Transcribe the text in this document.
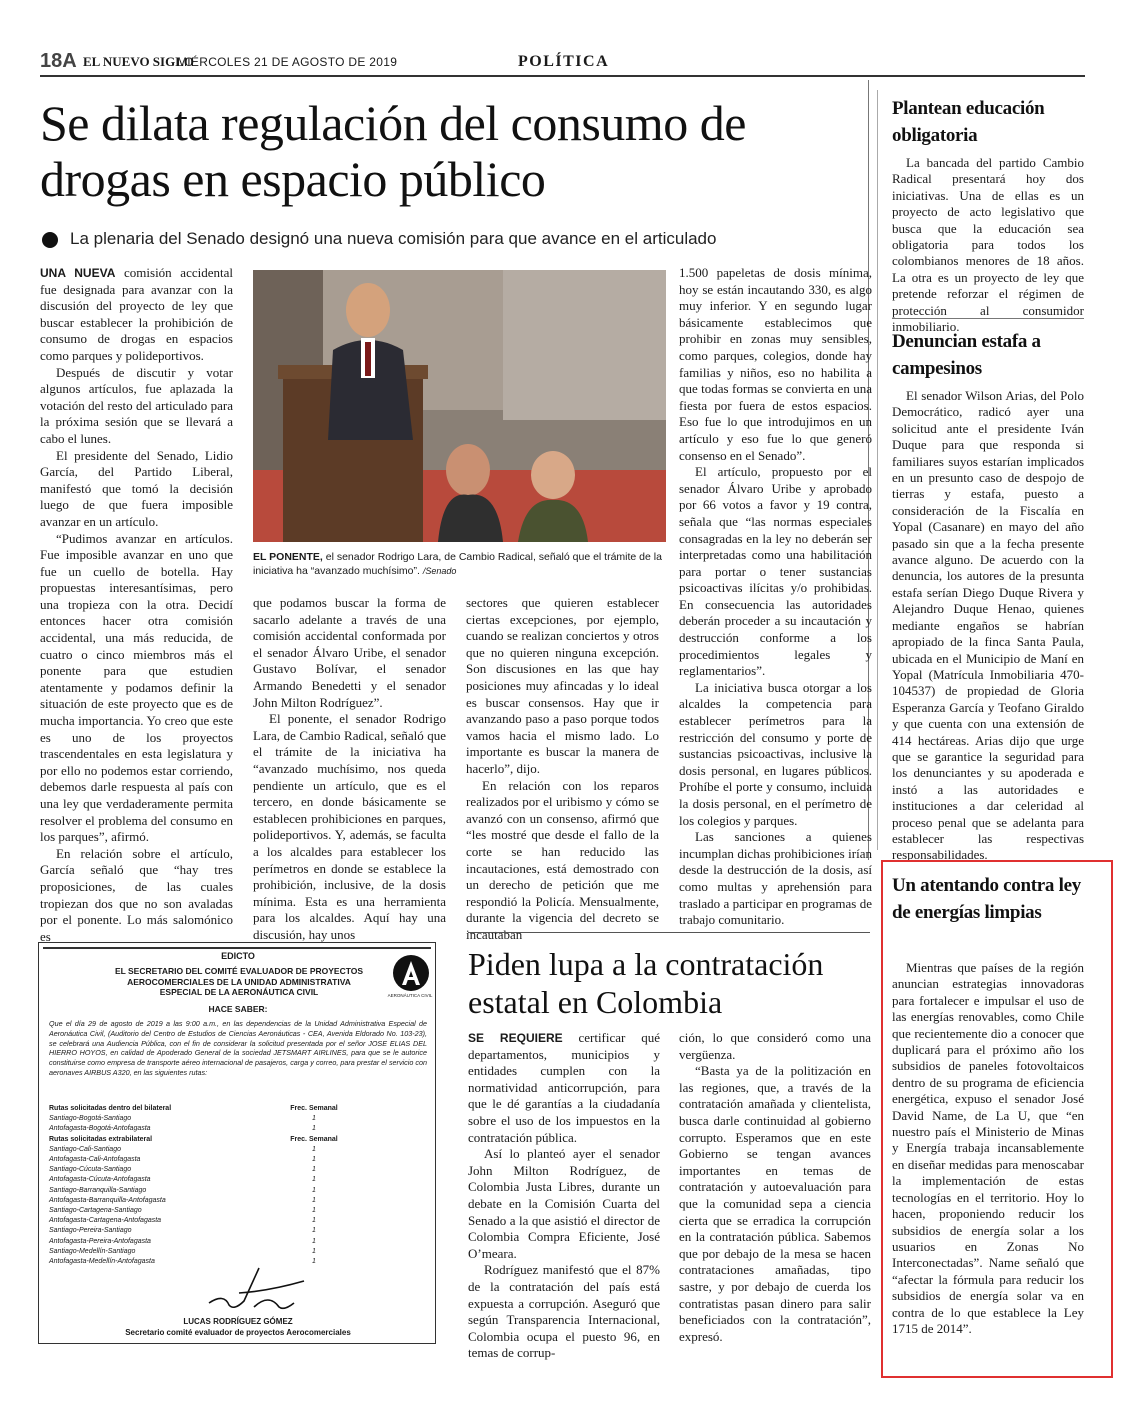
18A EL NUEVO SIGLO
MIÉRCOLES 21 DE AGOSTO DE 2019	POLÍTICA
Se dilata regulación del consumo de drogas en espacio público
La plenaria del Senado designó una nueva comisión para que avance en el articulado

UNA NUEVA comisión accidental fue designada para avanzar con la discusión del proyecto de ley que buscar establecer la prohibición de consumo de drogas en espacios como parques y polideportivos.

Después de discutir y votar algunos artículos, fue aplazada la votación del resto del articulado para la próxima sesión que se llevará a cabo el lunes.

El presidente del Senado, Lidio García, del Partido Liberal, manifestó que tomó la decisión luego de que fuera imposible avanzar en un artículo.

“Pudimos avanzar en artículos. Fue imposible avanzar en uno que fue un cuello de botella. Hay propuestas interesantísimas, pero una tropieza con la otra. Decidí entonces hacer otra comisión accidental, una más reducida, de cuatro o cinco miembros más el ponente para que estudien atentamente y podamos definir la situación de este proyecto que es de mucha importancia. Yo creo que este es uno de los proyectos trascendentales en esta legislatura y por ello no podemos estar corriendo, debemos darle respuesta al país con una ley que verdaderamente permita resolver el problema del consumo en los parques”, afirmó.

En relación sobre el artículo, García señaló que “hay tres proposiciones, de las cuales tropiezan dos que no son avaladas por el ponente. Lo más salomónico es

EL PONENTE, el senador Rodrigo Lara, de Cambio Radical, señaló que el trámite de la iniciativa ha “avanzado muchísimo”. /Senado

que podamos buscar la forma de sacarlo adelante a través de una comisión accidental conformada por el senador Álvaro Uribe, el senador Gustavo Bolívar, el senador Armando Benedetti y el senador John Milton Rodríguez”.

El ponente, el senador Rodrigo Lara, de Cambio Radical, señaló que el trámite de la iniciativa ha “avanzado muchísimo, nos queda pendiente un artículo, que es el tercero, en donde básicamente se establecen prohibiciones en parques, polideportivos. Y, además, se faculta a los alcaldes para establecer los perímetros en donde se establece la prohibición, inclusive, de la dosis mínima. Esta es una herramienta para los alcaldes. Aquí hay una discusión, hay unos

sectores que quieren establecer ciertas excepciones, por ejemplo, cuando se realizan conciertos y otros que no quieren ninguna excepción. Son discusiones en las que hay posiciones muy afincadas y lo ideal es buscar consensos. Hay que ir avanzando paso a paso porque todos vamos hacia el mismo lado. Lo importante es buscar la manera de hacerlo”, dijo.

En relación con los reparos realizados por el uribismo y cómo se avanzó con un consenso, afirmó que “les mostré que desde el fallo de la corte se han reducido las incautaciones, está demostrado con un derecho de petición que me respondió la Policía. Mensualmente, durante la vigencia del decreto se incautaban

1.500 papeletas de dosis mínima, hoy se están incautando 330, es algo muy inferior. Y en segundo lugar básicamente establecimos que prohibir en zonas muy sensibles, como parques, colegios, donde hay familias y niños, eso no habilita a que todas formas se convierta en una fiesta por fuera de estos espacios. Eso fue lo que introdujimos en un artículo y eso fue lo que generó consenso en el Senado”.

El artículo, propuesto por el senador Álvaro Uribe y aprobado por 66 votos a favor y 19 contra, señala que “las normas especiales consagradas en la ley no deberán ser interpretadas como una habilitación para portar o tener sustancias psicoactivas ilícitas y/o prohibidas. En consecuencia las autoridades deberán proceder a su incautación y destrucción conforme a los procedimientos legales y reglamentarios”.

La iniciativa busca otorgar a los alcaldes la competencia para establecer perímetros para la restricción del consumo y porte de sustancias psicoactivas, inclusive la dosis personal, en lugares públicos. Prohíbe el porte y consumo, incluida la dosis personal, en el perímetro de los colegios y parques.

Las sanciones a quienes incumplan dichas prohibiciones irían desde la destrucción de la dosis, así como multas y aprehensión para traslado a participar en programas de trabajo comunitario.

Plantean educación obligatoria

La bancada del partido Cambio Radical presentará hoy dos iniciativas. Una de ellas es un proyecto de acto legislativo que busca que la educación sea obligatoria para todos los colombianos menores de 18 años. La otra es un proyecto de ley que pretende reforzar el régimen de protección al consumidor inmobiliario.

Denuncian estafa a campesinos

El senador Wilson Arias, del Polo Democrático, radicó ayer una solicitud ante el presidente Iván Duque para que responda si familiares suyos estarían implicados en un presunto caso de despojo de tierras y estafa, puesto a consideración de la Fiscalía en Yopal (Casanare) en mayo del año pasado sin que a la fecha presente avance alguno. De acuerdo con la denuncia, los autores de la presunta estafa serían Diego Duque Rivera y Alejandro Duque Henao, quienes mediante engaños se habrían apropiado de la finca Santa Paula, ubicada en el Municipio de Maní en Yopal (Matrícula Inmobiliaria 470-104537) de propiedad de Gloria Esperanza García y Teofano Giraldo y que cuenta con una extensión de 414 hectáreas. Arias dijo que urge que se garantice la seguridad para los denunciantes y su apoderada e instó a las autoridades e instituciones a dar celeridad al proceso penal que se adelanta para establecer las respectivas responsabilidades.

Un atentando contra ley de energías limpias

Mientras que países de la región anuncian estrategias innovadoras para fortalecer e impulsar el uso de las energías renovables, como Chile que recientemente dio a conocer que duplicará para el próximo año los subsidios de paneles fotovoltaicos dentro de su programa de eficiencia energética, expuso el senador José David Name, de La U, que “en nuestro país el Ministerio de Minas y Energía trabaja incansablemente en diseñar medidas para menoscabar la implementación de estas tecnologías en el territorio. Hoy lo hacen, proponiendo reducir los subsidios de energía solar a los usuarios en Zonas No Interconectadas”. Name señaló que “afectar la fórmula para reducir los subsidios de energía solar va en contra de lo que establece la Ley 1715 de 2014”.

Piden lupa a la contratación estatal en Colombia

SE REQUIERE certificar qué departamentos, municipios y entidades cumplen con la normatividad anticorrupción, para que le dé garantías a la ciudadanía sobre el uso de los impuestos en la contratación pública.

Así lo planteó ayer el senador John Milton Rodríguez, de Colombia Justa Libres, durante un debate en la Comisión Cuarta del Senado a la que asistió el director de Colombia Compra Eficiente, José O’meara.

Rodríguez manifestó que el 87% de la contratación del país está expuesta a corrupción. Aseguró que según Transparencia Internacional, Colombia ocupa el puesto 96, en temas de corrup-

ción, lo que consideró como una vergüenza.

“Basta ya de la politización en las regiones, que, a través de la contratación amañada y clientelista, busca darle continuidad al gobierno corrupto. Esperamos que en este Gobierno se tengan avances importantes en temas de contratación y autoevaluación para que la comunidad sepa a ciencia cierta que se erradica la corrupción en la contratación pública. Sabemos que por debajo de la mesa se hacen contrataciones amañadas, tipo sastre, y por debajo de cuerda los contratistas pasan dinero para salir beneficiados con la contratación”, expresó.

EDICTO
EL SECRETARIO DEL COMITÉ EVALUADOR DE PROYECTOS AEROCOMERCIALES DE LA UNIDAD ADMINISTRATIVA ESPECIAL DE LA AERONÁUTICA CIVIL	AERONÁUTICA CIVIL
HACE SABER:
Que el día 29 de agosto de 2019 a las 9:00 a.m., en las dependencias de la Unidad Administrativa Especial de Aeronáutica Civil, (Auditorio del Centro de Estudios de Ciencias Aeronáuticas - CEA, Avenida Eldorado No. 103-23), se celebrará una Audiencia Pública, con el fin de considerar la solicitud presentada por el señor JOSE ELIAS DEL HIERRO HOYOS, en calidad de Apoderado General de la sociedad JETSMART AIRLINES, para que se le autorice constituirse como empresa de transporte aéreo internacional de pasajeros, carga y correo, para prestar el servicio con aeronaves AIRBUS A320, en las siguientes rutas:
Rutas solicitadas dentro del bilateral	Frec. Semanal
Santiago-Bogotá-Santiago	1
Antofagasta-Bogotá-Antofagasta	1
Rutas solicitadas extrabilateral	Frec. Semanal
Santiago-Cali-Santiago	1
Antofagasta-Cali-Antofagasta	1
Santiago-Cúcuta-Santiago	1
Antofagasta-Cúcuta-Antofagasta	1
Santiago-Barranquilla-Santiago	1
Antofagasta-Barranquilla-Antofagasta	1
Santiago-Cartagena-Santiago	1
Antofagasta-Cartagena-Antofagasta	1
Santiago-Pereira-Santiago	1
Antofagasta-Pereira-Antofagasta	1
Santiago-Medellín-Santiago	1
Antofagasta-Medellín-Antofagasta	1
LUCAS RODRÍGUEZ GÓMEZ
Secretario comité evaluador de proyectos Aerocomerciales
